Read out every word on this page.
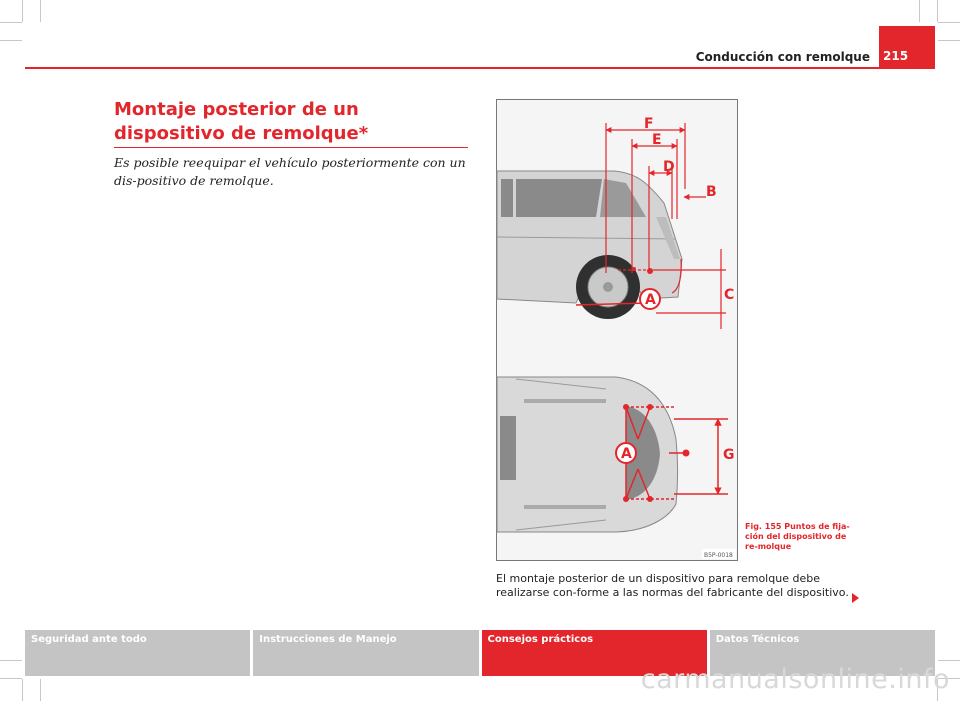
Conducción con remolque	215
Montaje posterior de un dispositivo de remolque*

Es posible reequipar el vehículo posteriormente con un dis-positivo de remolque.

F
E
D
B
C
A
A	G
B5P-0018
Fig. 155 Puntos de fija-ción del dispositivo de re-molque

El montaje posterior de un dispositivo para remolque debe realizarse con-forme a las normas del fabricante del dispositivo.

Seguridad ante todo	Instrucciones de Manejo	Consejos prácticos	Datos Técnicos
carmanualsonline.info
